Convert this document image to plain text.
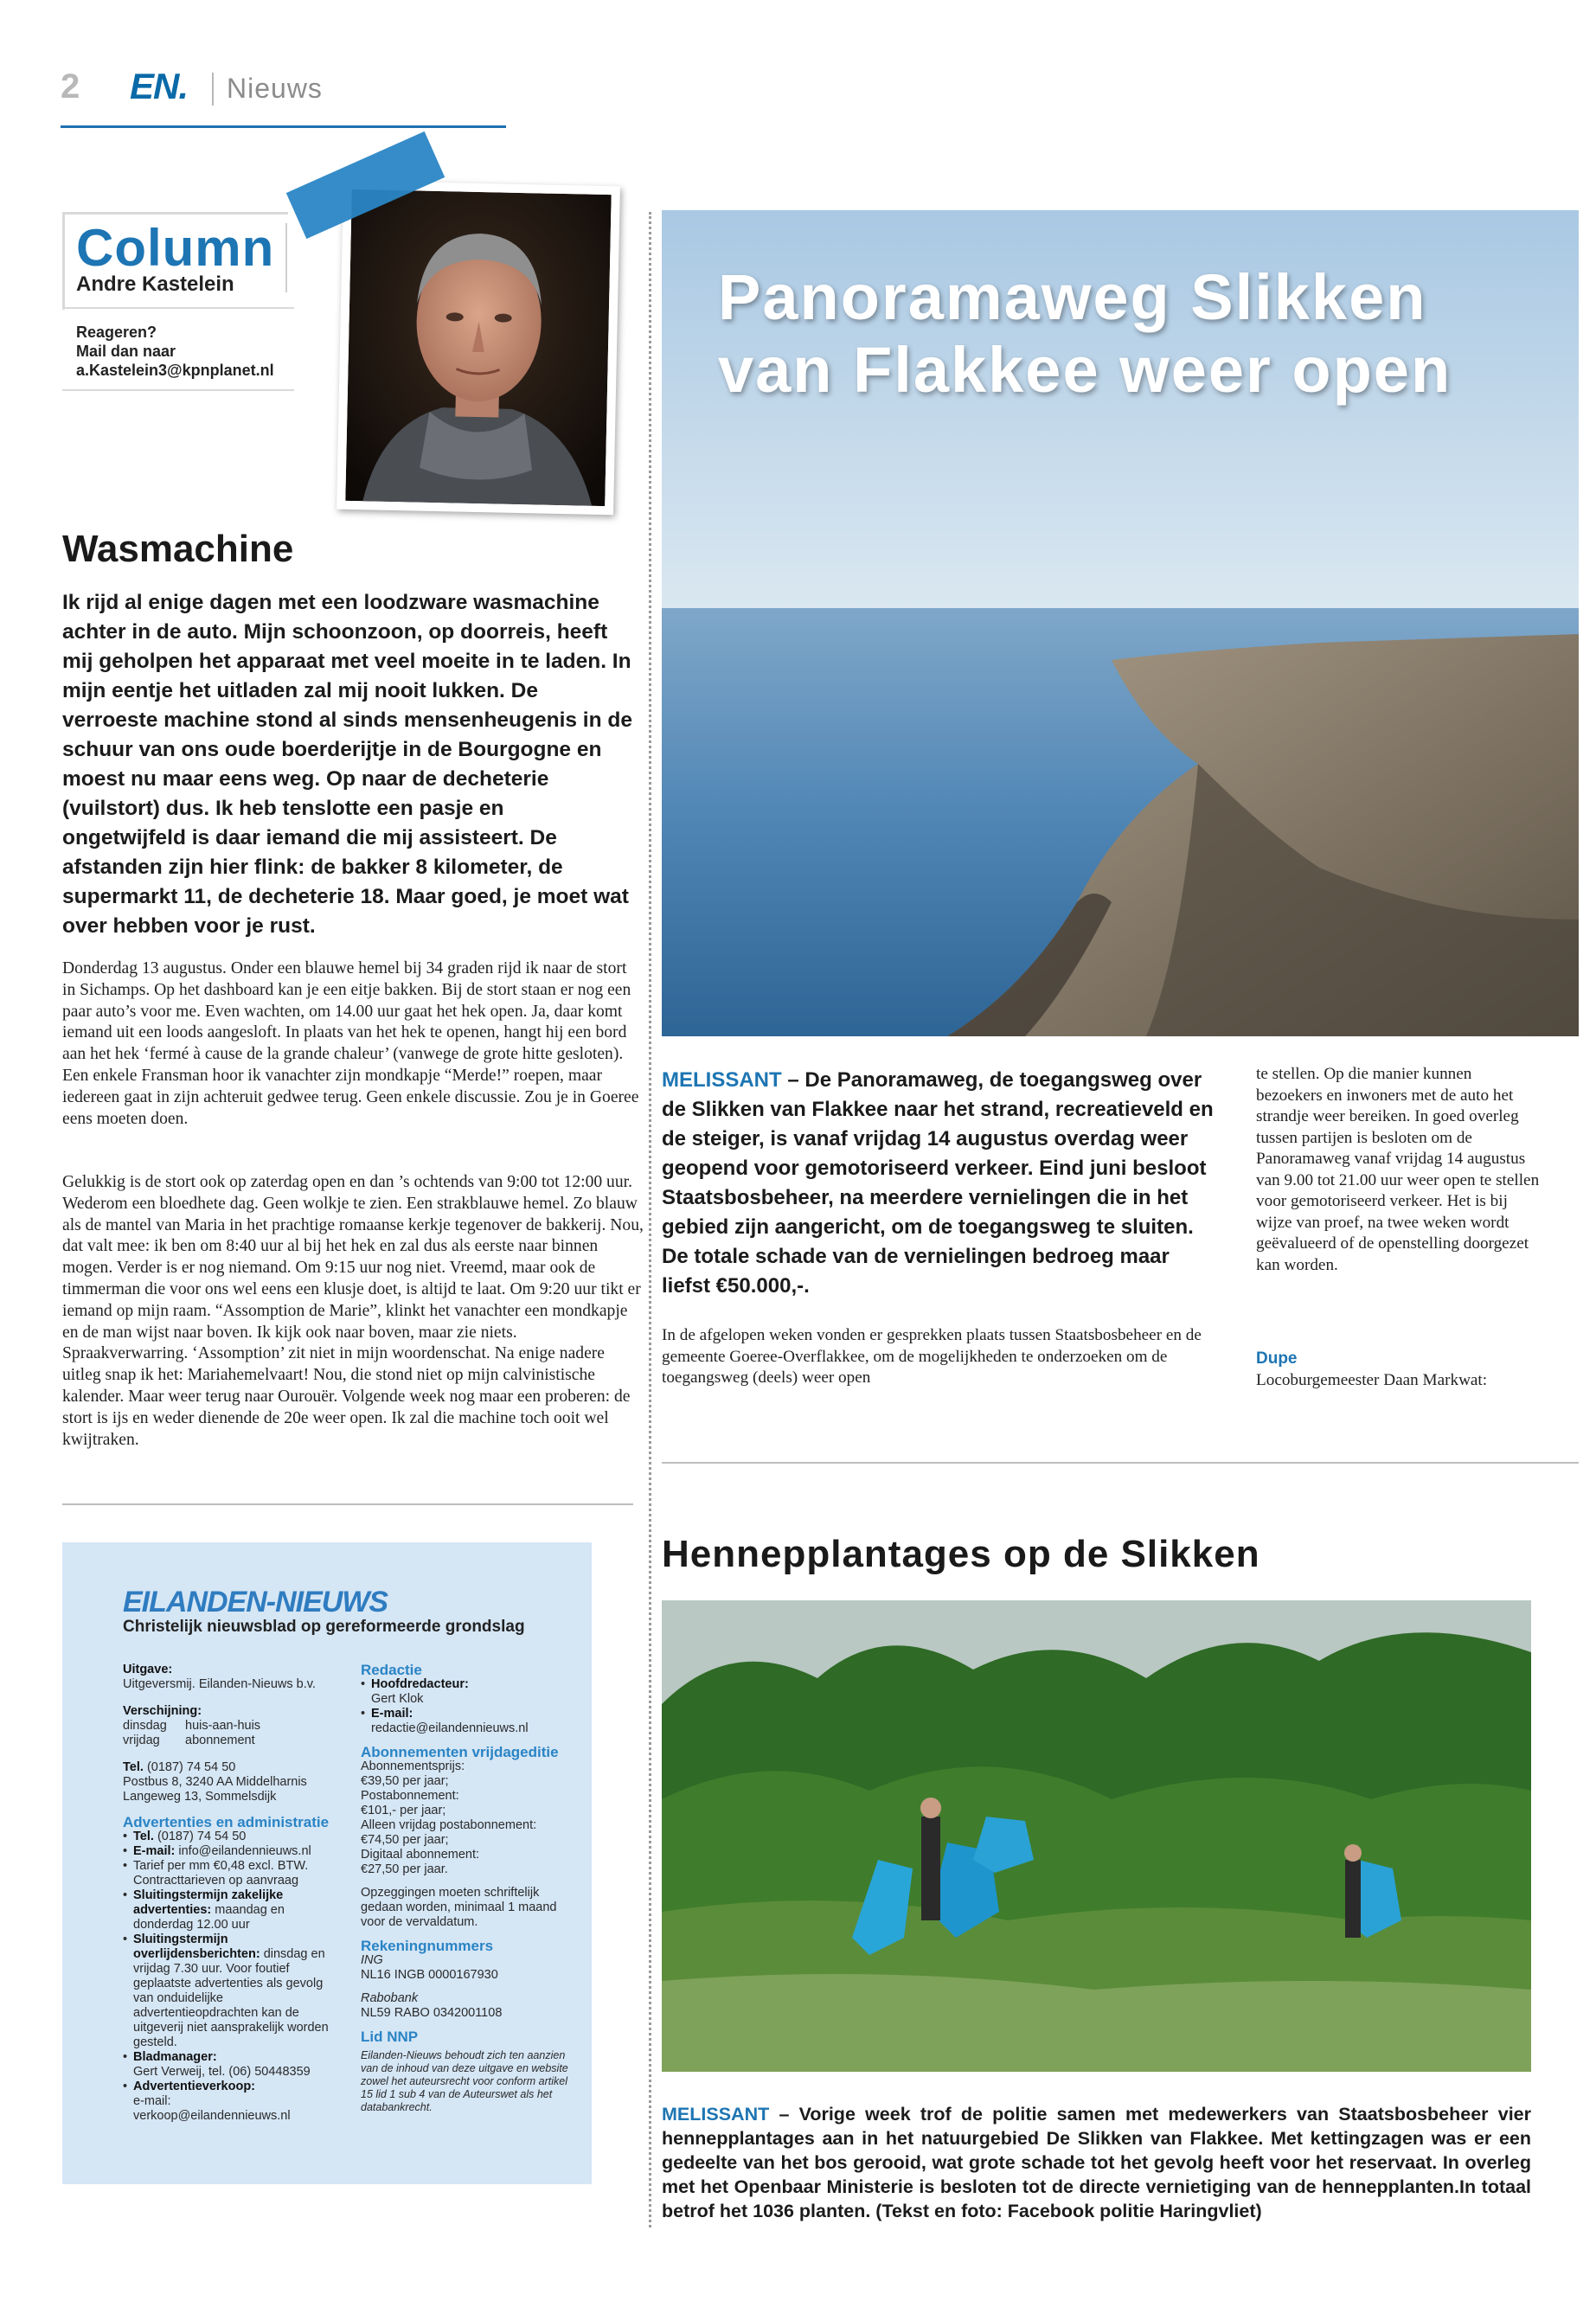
2 EN. Nieuws
Column
Andre Kastelein
Reageren?
Mail dan naar
a.Kastelein3@kpnplanet.nl
Wasmachine
Ik rijd al enige dagen met een loodzware wasmachine achter in de auto. Mijn schoonzoon, op doorreis, heeft mij geholpen het apparaat met veel moeite in te laden. In mijn eentje het uitladen zal mij nooit lukken. De verroeste machine stond al sinds mensenheugenis in de schuur van ons oude boerderijtje in de Bourgogne en moest nu maar eens weg. Op naar de decheterie (vuilstort) dus. Ik heb tenslotte een pasje en ongetwijfeld is daar iemand die mij assisteert. De afstanden zijn hier flink: de bakker 8 kilometer, de supermarkt 11, de decheterie 18. Maar goed, je moet wat over hebben voor je rust.
Donderdag 13 augustus. Onder een blauwe hemel bij 34 graden rijd ik naar de stort in Sichamps. Op het dashboard kan je een eitje bakken. Bij de stort staan er nog een paar auto’s voor me. Even wachten, om 14.00 uur gaat het hek open. Ja, daar komt iemand uit een loods aangesloft. In plaats van het hek te openen, hangt hij een bord aan het hek ‘fermé à cause de la grande chaleur’ (vanwege de grote hitte gesloten). Een enkele Fransman hoor ik vanachter zijn mondkapje “Merde!” roepen, maar iedereen gaat in zijn achteruit gedwee terug. Geen enkele discussie. Zou je in Goeree eens moeten doen.
Gelukkig is de stort ook op zaterdag open en dan ’s ochtends van 9:00 tot 12:00 uur. Wederom een bloedhete dag. Geen wolkje te zien. Een strakblauwe hemel. Zo blauw als de mantel van Maria in het prachtige romaanse kerkje tegenover de bakkerij. Nou, dat valt mee: ik ben om 8:40 uur al bij het hek en zal dus als eerste naar binnen mogen. Verder is er nog niemand. Om 9:15 uur nog niet. Vreemd, maar ook de timmerman die voor ons wel eens een klusje doet, is altijd te laat. Om 9:20 uur tikt er iemand op mijn raam. “Assomption de Marie”, klinkt het vanachter een mondkapje en de man wijst naar boven. Ik kijk ook naar boven, maar zie niets. Spraakverwarring. ‘Assomption’ zit niet in mijn woordenschat. Na enige nadere uitleg snap ik het: Mariahemelvaart! Nou, die stond niet op mijn calvinistische kalender. Maar weer terug naar Ourouër. Volgende week nog maar een proberen: de stort is ijs en weder dienende de 20e weer open. Ik zal die machine toch ooit wel kwijtraken.
EILANDEN-NIEUWS
Christelijk nieuwsblad op gereformeerde grondslag
Uitgave:
Uitgeversmij. Eilanden-Nieuws b.v.
Verschijning:
dinsdag huis-aan-huis
vrijdag abonnement
Tel. (0187) 74 54 50
Postbus 8, 3240 AA Middelharnis
Langeweg 13, Sommelsdijk
Advertenties en administratie
• Tel. (0187) 74 54 50
• E-mail: info@eilandennieuws.nl
• Tarief per mm €0,48 excl. BTW. Contracttarieven op aanvraag
• Sluitingstermijn zakelijke advertenties: maandag en donderdag 12.00 uur
• Sluitingstermijn overlijdensberichten: dinsdag en vrijdag 7.30 uur. Voor foutief geplaatste advertenties als gevolg van onduidelijke advertentieopdrachten kan de uitgeverij niet aansprakelijk worden gesteld.
• Bladmanager:
Gert Verweij, tel. (06) 50448359
• Advertentieverkoop:
e-mail:
verkoop@eilandennieuws.nl
Redactie
• Hoofdredacteur:
Gert Klok
• E-mail:
redactie@eilandennieuws.nl
Abonnementen vrijdageditie
Abonnementsprijs:
€39,50 per jaar;
Postabonnement:
€101,- per jaar;
Alleen vrijdag postabonnement:
€74,50 per jaar;
Digitaal abonnement:
€27,50 per jaar.
Opzeggingen moeten schriftelijk gedaan worden, minimaal 1 maand voor de vervaldatum.
Rekeningnummers
ING
NL16 INGB 0000167930
Rabobank
NL59 RABO 0342001108
Lid NNP
Eilanden-Nieuws behoudt zich ten aanzien van de inhoud van deze uitgave en website zowel het auteursrecht voor conform artikel 15 lid 1 sub 4 van de Auteurswet als het databankrecht.
Panoramaweg Slikken
van Flakkee weer open
MELISSANT – De Panoramaweg, de toegangsweg over de Slikken van Flakkee naar het strand, recreatieveld en de steiger, is vanaf vrijdag 14 augustus overdag weer geopend voor gemotoriseerd verkeer. Eind juni besloot Staatsbosbeheer, na meerdere vernielingen die in het gebied zijn aangericht, om de toegangsweg te sluiten. De totale schade van de vernielingen bedroeg maar liefst €50.000,-.
In de afgelopen weken vonden er gesprekken plaats tussen Staatsbosbeheer en de gemeente Goeree-Overflakkee, om de mogelijkheden te onderzoeken om de toegangsweg (deels) weer open
te stellen. Op die manier kunnen bezoekers en inwoners met de auto het strandje weer bereiken. In goed overleg tussen partijen is besloten om de Panoramaweg vanaf vrijdag 14 augustus van 9.00 tot 21.00 uur weer open te stellen voor gemotoriseerd verkeer. Het is bij wijze van proef, na twee weken wordt geëvalueerd of de openstelling doorgezet kan worden.
Dupe
Locoburgemeester Daan Markwat:
Hennepplantages op de Slikken
MELISSANT – Vorige week trof de politie samen met medewerkers van Staatsbosbeheer vier hennepplantages aan in het natuurgebied De Slikken van Flakkee. Met kettingzagen was er een gedeelte van het bos gerooid, wat grote schade tot het gevolg heeft voor het reservaat. In overleg met het Openbaar Ministerie is besloten tot de directe vernietiging van de hennepplanten.In totaal betrof het 1036 planten. (Tekst en foto: Facebook politie Haringvliet)
